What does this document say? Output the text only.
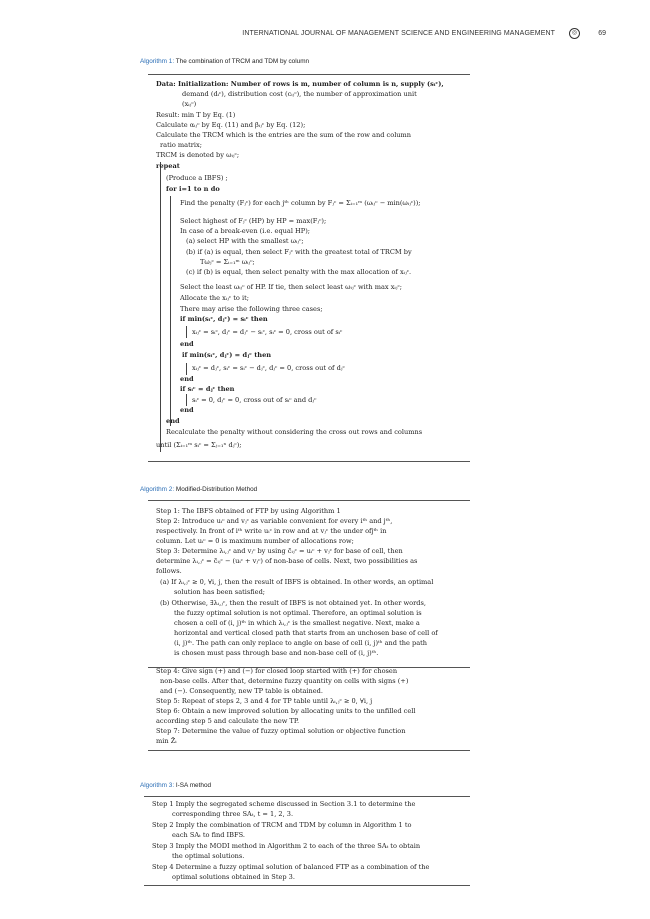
INTERNATIONAL JOURNAL OF MANAGEMENT SCIENCE AND ENGINEERING MANAGEMENT	◎	69
Algorithm 1: The combination of TRCM and TDM by column
Data: Initialization: Number of rows is m, number of column is n, supply (sᵢᶜ),
demand (dᵢᶜ), distribution cost (cᵢⱼᶜ), the number of approximation unit
(xᵢⱼᶜ)
Result: min T by Eq. (1)
Calculate αᵢⱼᶜ by Eq. (11) and βᵢⱼᶜ by Eq. (12);
Calculate the TRCM which is the entries are the sum of the row and column
ratio matrix;
TRCM is denoted by ωᵢⱼᶜ;
repeat
(Produce a IBFS) ;
for i=1 to n do
Find the penalty (Fⱼᶜ) for each jᵗʰ column by Fⱼᶜ = Σᵢ₌₁ᵐ (ωᵢⱼᶜ − min(ωᵢⱼᶜ));
Select highest of Fⱼᶜ (HP) by HP = max(Fⱼᶜ);
In case of a break-even (i.e. equal HP);
(a) select HP with the smallest ωᵢⱼᶜ;
(b) if (a) is equal, then select Fⱼᶜ with the greatest total of TRCM by
Tωⱼᶜ = Σᵢ₌₁ᵐ ωᵢⱼᶜ;
(c) if (b) is equal, then select penalty with the max allocation of xᵢⱼᶜ.
Select the least ωᵢⱼᶜ of HP. If tie, then select least ωᵢⱼᶜ with max xᵢⱼᶜ;
Allocate the xᵢⱼᶜ to it;
There may arise the following three cases;
if min(sᵢᶜ, dⱼᶜ) = sᵢᶜ then
xᵢⱼᶜ = sᵢᶜ, dⱼᶜ = dⱼᶜ − sᵢᶜ, sᵢᶜ = 0, cross out of sᵢᶜ
end
if min(sᵢᶜ, dⱼᶜ) = dⱼᶜ then
xᵢⱼᶜ = dⱼᶜ, sᵢᶜ = sᵢᶜ − dⱼᶜ, dⱼᶜ = 0, cross out of dⱼᶜ
end
if sᵢᶜ = dⱼᶜ then
sᵢᶜ = 0, dⱼᶜ = 0, cross out of sᵢᶜ and dⱼᶜ
end
end
Recalculate the penalty without considering the cross out rows and columns
until (Σᵢ₌₁ᵐ sᵢᶜ = Σⱼ₌₁ⁿ dⱼᶜ);
Algorithm 2: Modified-Distribution Method
Step 1: The IBFS obtained of FTP by using Algorithm 1
Step 2: Introduce uᵢᶜ and vⱼᶜ as variable convenient for every iᵗʰ and jᵗʰ,
respectively. In front of iᵗʰ write uᵢᶜ in row and at vⱼᶜ the under ofjᵗʰ in
column. Let uᵢᶜ = 0 is maximum number of allocations row;
Step 3: Determine λᵢ,ⱼᶜ and vⱼᶜ by using c̃ᵢⱼᶜ = uᵢᶜ + vⱼᶜ for base of cell, then
determine λᵢ,ⱼᶜ = c̃ᵢⱼᶜ − (uᵢᶜ + vⱼᶜ) of non-base of cells. Next, two possibilities as
follows.
(a) If λᵢ,ⱼᶜ ≥ 0, ∀i, j, then the result of IBFS is obtained. In other words, an optimal
solution has been satisfied;
(b) Otherwise, ∃λᵢ,ⱼᶜ, then the result of IBFS is not obtained yet. In other words,
the fuzzy optimal solution is not optimal. Therefore, an optimal solution is
chosen a cell of (i, j)ᵗʰ in which λᵢ,ⱼᶜ is the smallest negative. Next, make a
horizontal and vertical closed path that starts from an unchosen base of cell of
(i, j)ᵗʰ. The path can only replace to angle on base of cell (i, j)ᵗʰ and the path
is chosen must pass through base and non-base cell of (i, j)ᵗʰ.
Step 4: Give sign (+) and (−) for closed loop started with (+) for chosen
non-base cells. After that, determine fuzzy quantity on cells with signs (+)
and (−). Consequently, new TP table is obtained.
Step 5: Repeat of steps 2, 3 and 4 for TP table until λᵢ,ⱼᶜ ≥ 0, ∀i, j
Step 6: Obtain a new improved solution by allocating units to the unfilled cell
according step 5 and calculate the new TP.
Step 7: Determine the value of fuzzy optimal solution or objective function
min Z̃ᵢ
Algorithm 3: I-SA method
Step 1 Imply the segregated scheme discussed in Section 3.1 to determine the
corresponding three SAₜ, t = 1, 2, 3.
Step 2 Imply the combination of TRCM and TDM by column in Algorithm 1 to
each SAₜ to find IBFS.
Step 3 Imply the MODI method in Algorithm 2 to each of the three SAₜ to obtain
the optimal solutions.
Step 4 Determine a fuzzy optimal solution of balanced FTP as a combination of the
optimal solutions obtained in Step 3.
